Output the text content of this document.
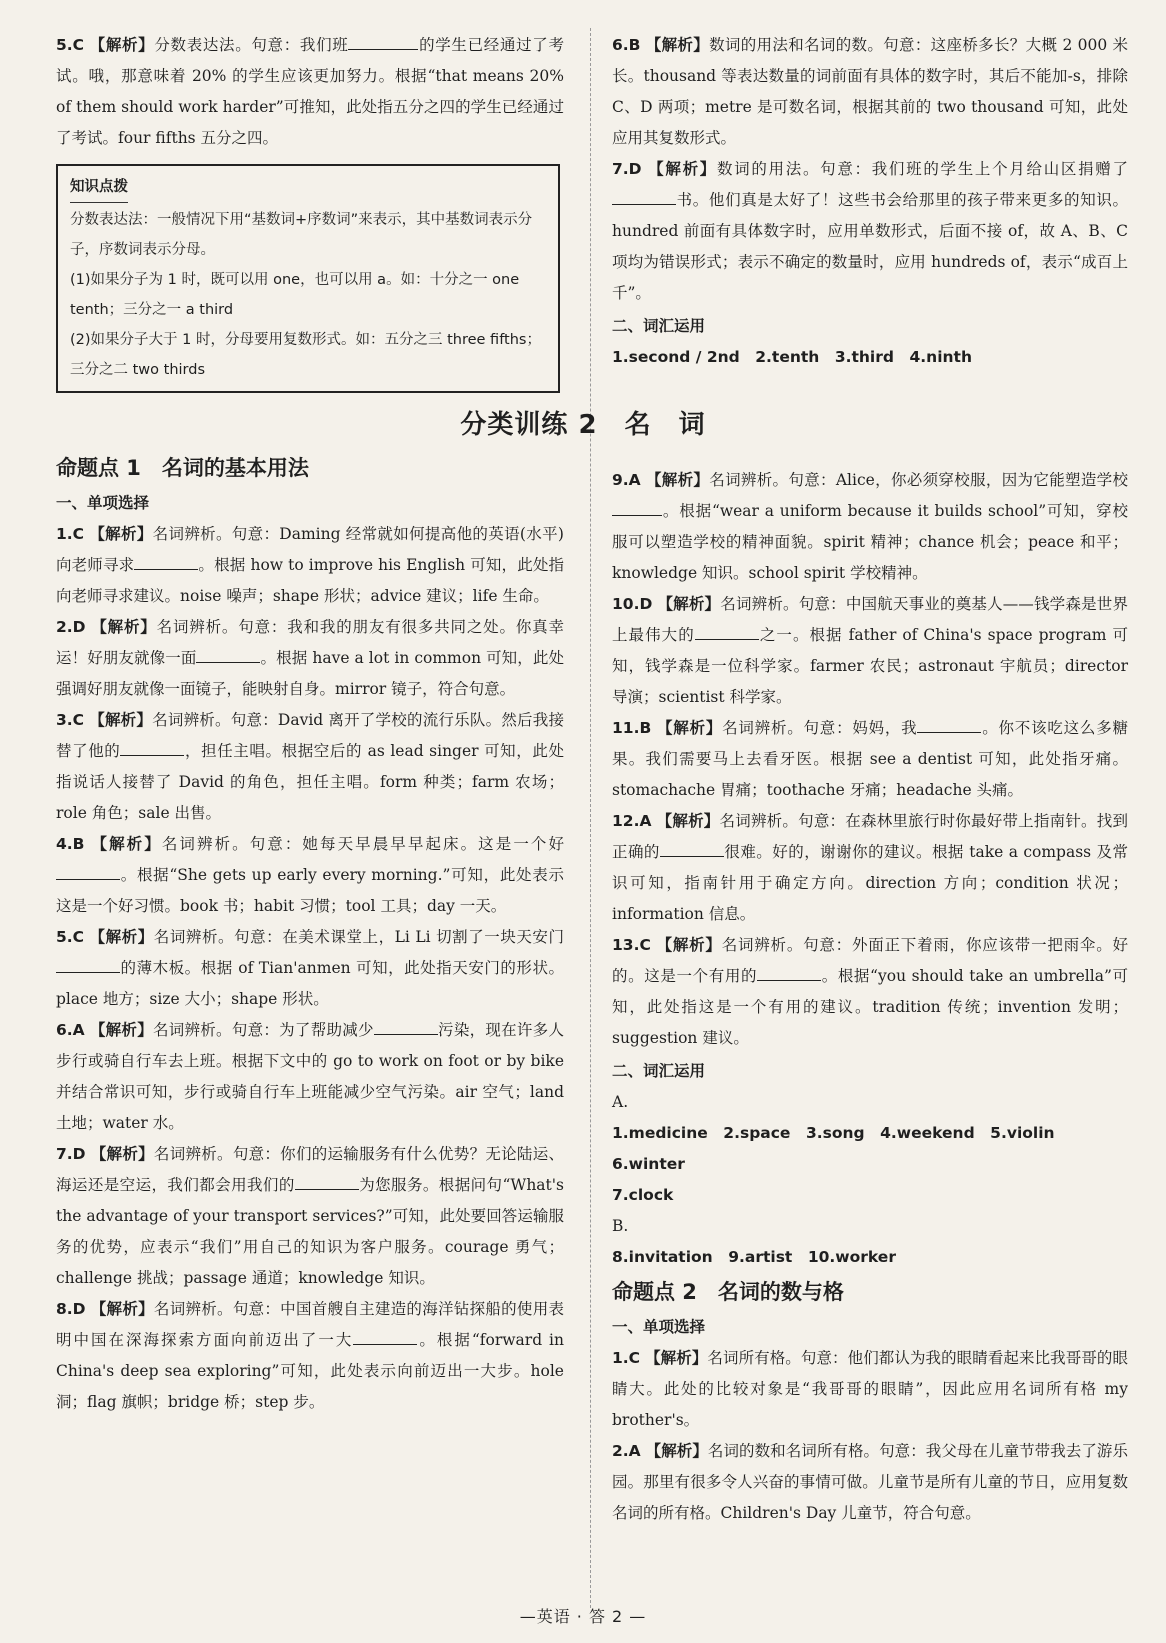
5.C 【解析】分数表达法。句意：我们班	的学生已经通过了考试。哦，那意味着 20% 的学生应该更加努力。根据“that means 20% of them should work harder”可推知，此处指五分之四的学生已经通过了考试。four fifths 五分之四。

知识点拨

分数表达法：一般情况下用“基数词+序数词”来表示，其中基数词表示分子，序数词表示分母。

(1)如果分子为 1 时，既可以用 one，也可以用 a。如：十分之一 one tenth；三分之一 a third

(2)如果分子大于 1 时，分母要用复数形式。如：五分之三 three fifths；三分之二 two thirds

命题点 1　名词的基本用法
一、单项选择

1.C 【解析】名词辨析。句意：Daming 经常就如何提高他的英语(水平)向老师寻求	。根据 how to improve his English 可知，此处指向老师寻求建议。noise 噪声；shape 形状；advice 建议；life 生命。

2.D 【解析】名词辨析。句意：我和我的朋友有很多共同之处。你真幸运！好朋友就像一面	。根据 have a lot in common 可知，此处强调好朋友就像一面镜子，能映射自身。mirror 镜子，符合句意。

3.C 【解析】名词辨析。句意：David 离开了学校的流行乐队。然后我接替了他的	，担任主唱。根据空后的 as lead singer 可知，此处指说话人接替了 David 的角色，担任主唱。form 种类；farm 农场；role 角色；sale 出售。

4.B 【解析】名词辨析。句意：她每天早晨早早起床。这是一个好。根据“She gets up early every morning.”可知，此处表示这是一个好习惯。book 书；habit 习惯；tool 工具；day 一天。

5.C 【解析】名词辨析。句意：在美术课堂上，Li Li 切割了一块天安门的薄木板。根据 of Tian'anmen 可知，此处指天安门的形状。place 地方；size 大小；shape 形状。

6.A 【解析】名词辨析。句意：为了帮助减少	污染，现在许多人步行或骑自行车去上班。根据下文中的 go to work on foot or by bike 并结合常识可知，步行或骑自行车上班能减少空气污染。air 空气；land 土地；water 水。

7.D 【解析】名词辨析。句意：你们的运输服务有什么优势？无论陆运、海运还是空运，我们都会用我们的	为您服务。根据问句“What's the advantage of your transport services?”可知，此处要回答运输服务的优势，应表示“我们”用自己的知识为客户服务。courage 勇气；challenge 挑战；passage 通道；knowledge 知识。

8.D 【解析】名词辨析。句意：中国首艘自主建造的海洋钻探船的使用表明中国在深海探索方面向前迈出了一大	。根据“forward in China's deep sea exploring”可知，此处表示向前迈出一大步。hole 洞；flag 旗帜；bridge 桥；step 步。

分类训练 2　名　词

6.B 【解析】数词的用法和名词的数。句意：这座桥多长？大概 2 000 米长。thousand 等表达数量的词前面有具体的数字时，其后不能加-s，排除 C、D 两项；metre 是可数名词，根据其前的 two thousand 可知，此处应用其复数形式。

7.D 【解析】数词的用法。句意：我们班的学生上个月给山区捐赠了书。他们真是太好了！这些书会给那里的孩子带来更多的知识。hundred 前面有具体数字时，应用单数形式，后面不接 of，故 A、B、C 项均为错误形式；表示不确定的数量时，应用 hundreds of，表示“成百上千”。

二、词汇运用
1.second / 2nd　2.tenth　3.third　4.ninth

9.A 【解析】名词辨析。句意：Alice，你必须穿校服，因为它能塑造学校。根据“wear a uniform because it builds school”可知，穿校服可以塑造学校的精神面貌。spirit 精神；chance 机会；peace 和平；knowledge 知识。school spirit 学校精神。

10.D 【解析】名词辨析。句意：中国航天事业的奠基人——钱学森是世界上最伟大的	之一。根据 father of China's space program 可知，钱学森是一位科学家。farmer 农民；astronaut 宇航员；director 导演；scientist 科学家。

11.B 【解析】名词辨析。句意：妈妈，我	。你不该吃这么多糖果。我们需要马上去看牙医。根据 see a dentist 可知，此处指牙痛。stomachache 胃痛；toothache 牙痛；headache 头痛。

12.A 【解析】名词辨析。句意：在森林里旅行时你最好带上指南针。找到正确的	很难。好的，谢谢你的建议。根据 take a compass 及常识可知，指南针用于确定方向。direction 方向；condition 状况；information 信息。

13.C 【解析】名词辨析。句意：外面正下着雨，你应该带一把雨伞。好的。这是一个有用的	。根据“you should take an umbrella”可知，此处指这是一个有用的建议。tradition 传统；invention 发明；suggestion 建议。

二、词汇运用
A.
1.medicine　2.space　3.song　4.weekend　5.violin　6.winter
7.clock
B.
8.invitation　9.artist　10.worker
命题点 2　名词的数与格
一、单项选择

1.C 【解析】名词所有格。句意：他们都认为我的眼睛看起来比我哥哥的眼睛大。此处的比较对象是“我哥哥的眼睛”，因此应用名词所有格 my brother's。

2.A 【解析】名词的数和名词所有格。句意：我父母在儿童节带我去了游乐园。那里有很多令人兴奋的事情可做。儿童节是所有儿童的节日，应用复数名词的所有格。Children's Day 儿童节，符合句意。

—英语 · 答 2 —
